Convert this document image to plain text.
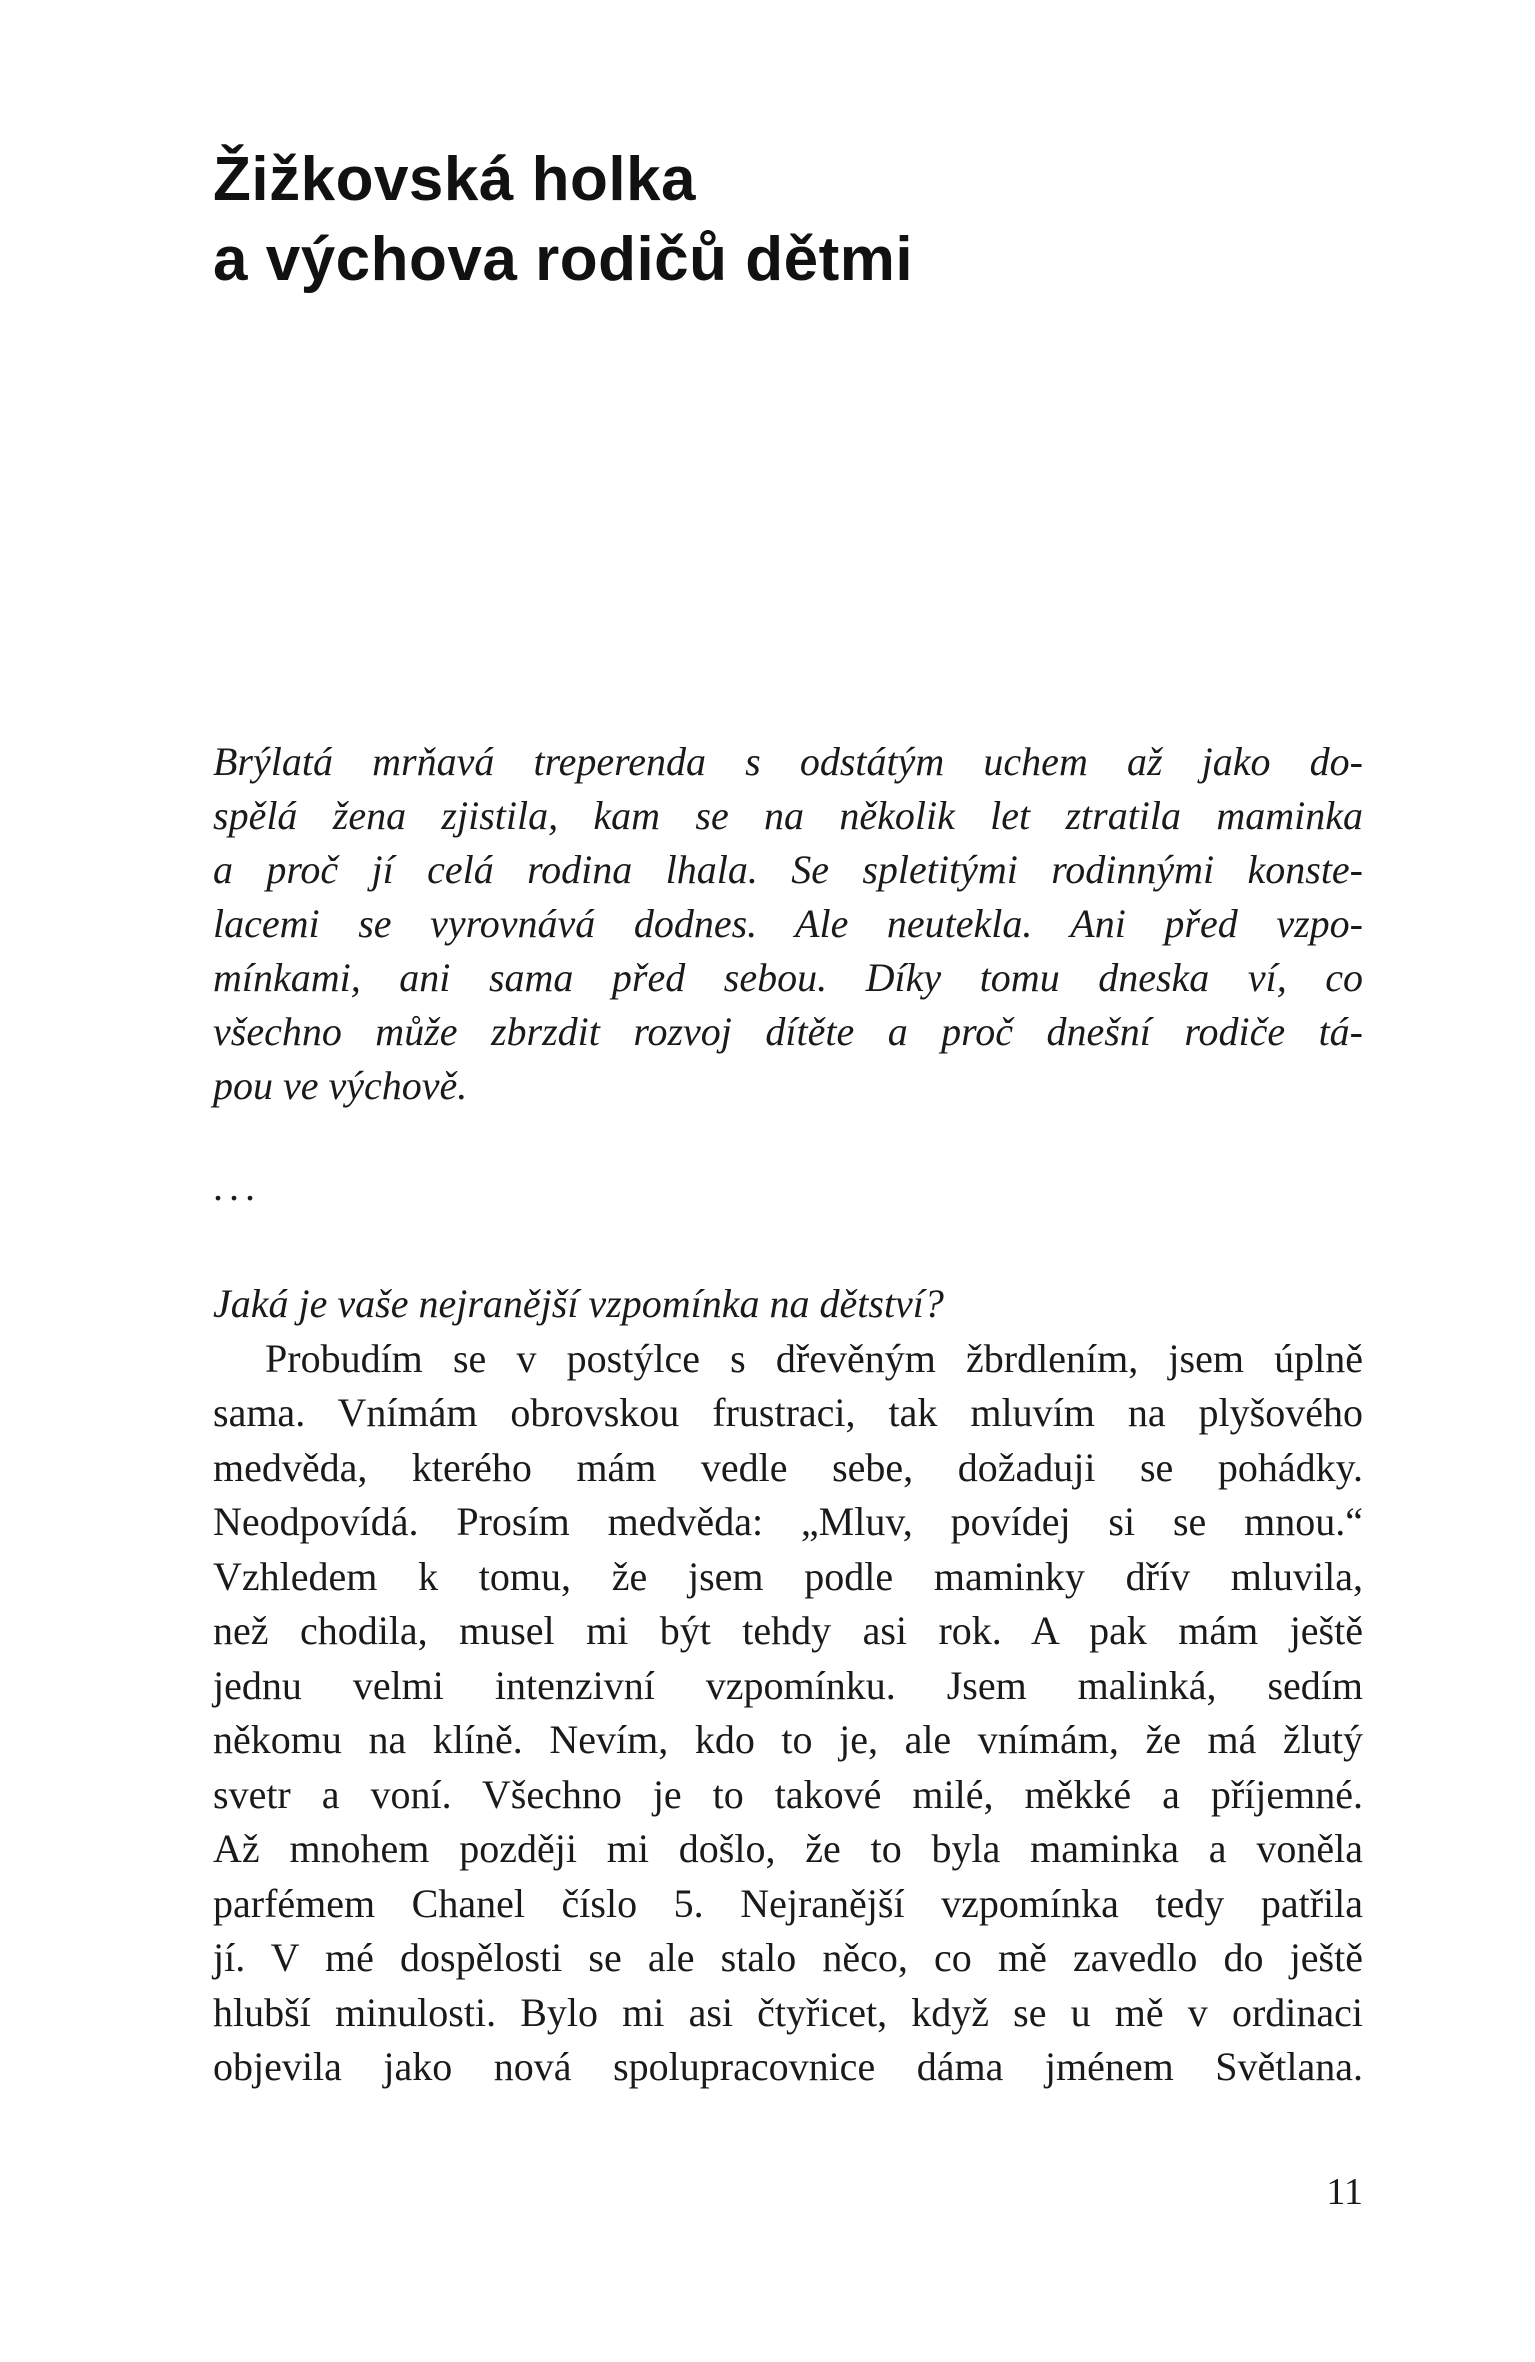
Žižkovská holka
a výchova rodičů dětmi
Brýlatá mrňavá treperenda s odstátým uchem až jako do-
spělá žena zjistila, kam se na několik let ztratila maminka
a proč jí celá rodina lhala. Se spletitými rodinnými konste-
lacemi se vyrovnává dodnes. Ale neutekla. Ani před vzpo-
mínkami, ani sama před sebou. Díky tomu dneska ví, co
všechno může zbrzdit rozvoj dítěte a proč dnešní rodiče tá-
pou ve výchově.
...
Jaká je vaše nejranější vzpomínka na dětství?
Probudím se v postýlce s dřevěným žbrdlením, jsem úplně
sama. Vnímám obrovskou frustraci, tak mluvím na plyšového
medvěda, kterého mám vedle sebe, dožaduji se pohádky.
Neodpovídá. Prosím medvěda: „Mluv, povídej si se mnou.“
Vzhledem k tomu, že jsem podle maminky dřív mluvila,
než chodila, musel mi být tehdy asi rok. A pak mám ještě
jednu velmi intenzivní vzpomínku. Jsem malinká, sedím
někomu na klíně. Nevím, kdo to je, ale vnímám, že má žlutý
svetr a voní. Všechno je to takové milé, měkké a příjemné.
Až mnohem později mi došlo, že to byla maminka a voněla
parfémem Chanel číslo 5. Nejranější vzpomínka tedy patřila
jí. V mé dospělosti se ale stalo něco, co mě zavedlo do ještě
hlubší minulosti. Bylo mi asi čtyřicet, když se u mě v ordinaci
objevila jako nová spolupracovnice dáma jménem Světlana.
11
